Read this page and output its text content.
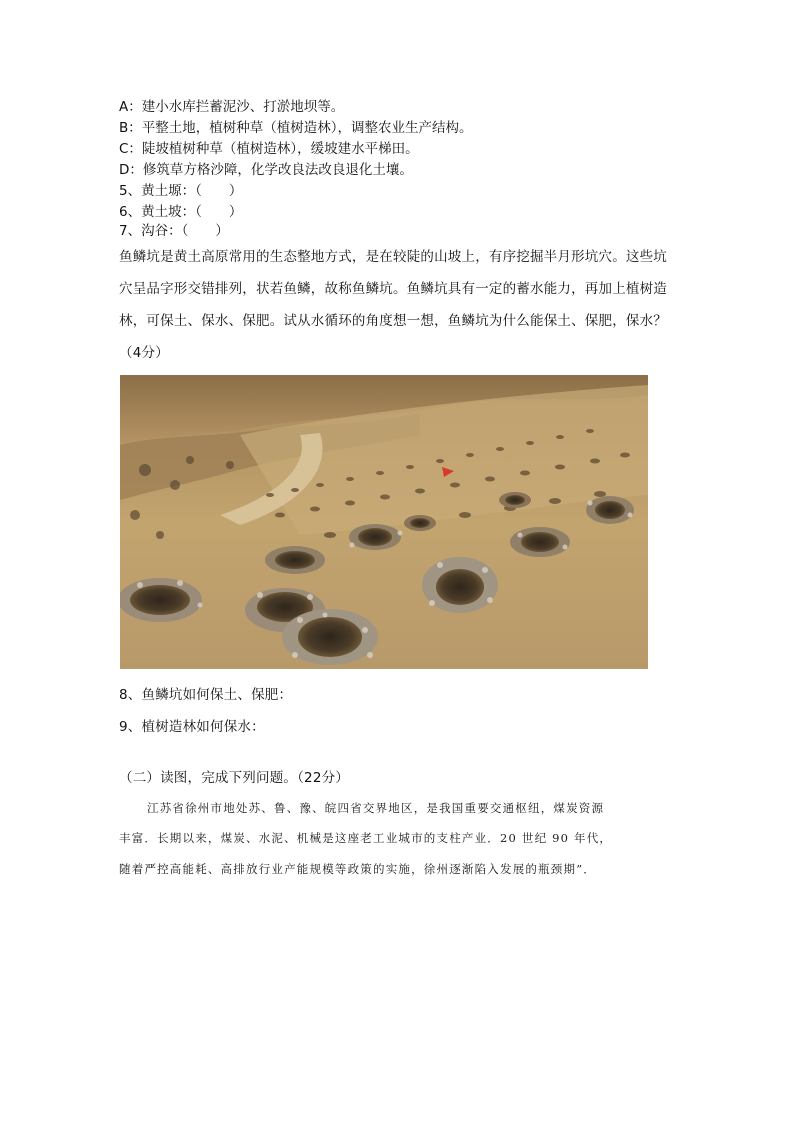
A：建小水库拦蓄泥沙、打淤地坝等。
B：平整土地，植树种草（植树造林），调整农业生产结构。
C：陡坡植树种草（植树造林），缓坡建水平梯田。
D：修筑草方格沙障，化学改良法改良退化土壤。
5、黄土塬：（　　）
6、黄土坡：（　　）
7、沟谷：（　　）
鱼鳞坑是黄土高原常用的生态整地方式，是在较陡的山坡上，有序挖掘半月形坑穴。这些坑
穴呈品字形交错排列，状若鱼鳞，故称鱼鳞坑。鱼鳞坑具有一定的蓄水能力，再加上植树造
林，可保土、保水、保肥。试从水循环的角度想一想，鱼鳞坑为什么能保土、保肥，保水？
（4分）
8、鱼鳞坑如何保土、保肥：
9、植树造林如何保水：
（二）读图，完成下列问题。（22分）
江苏省徐州市地处苏、鲁、豫、皖四省交界地区，是我国重要交通枢纽，煤炭资源
丰富．长期以来，煤炭、水泥、机械是这座老工业城市的支柱产业．20 世纪 90 年代，
随着严控高能耗、高排放行业产能规模等政策的实施，徐州逐渐陷入发展的瓶颈期”．
